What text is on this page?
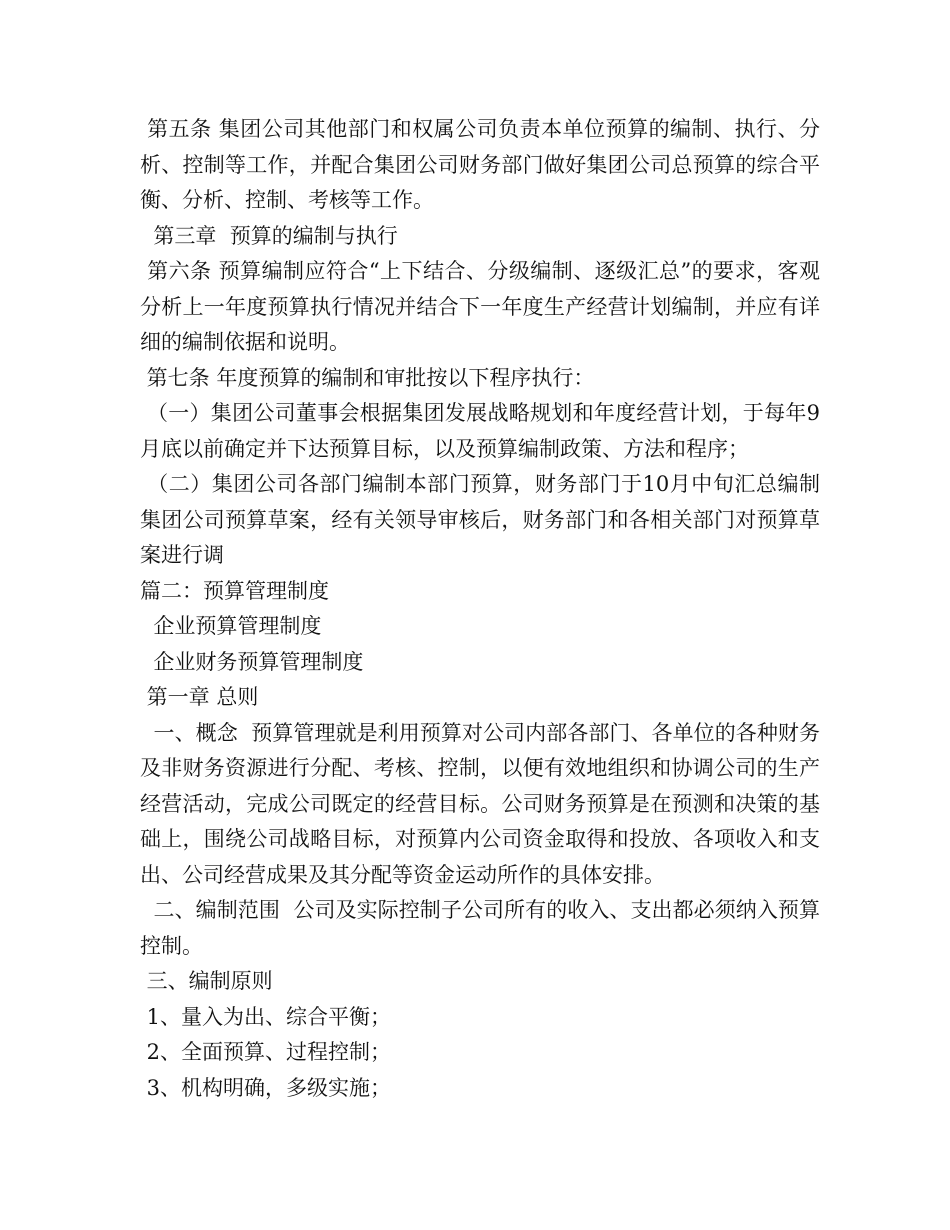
第五条 集团公司其他部门和权属公司负责本单位预算的编制、执行、分析、控制等工作，并配合集团公司财务部门做好集团公司总预算的综合平衡、分析、控制、考核等工作。

第三章  预算的编制与执行

第六条 预算编制应符合“上下结合、分级编制、逐级汇总”的要求，客观分析上一年度预算执行情况并结合下一年度生产经营计划编制，并应有详细的编制依据和说明。

第七条 年度预算的编制和审批按以下程序执行：

（一）集团公司董事会根据集团发展战略规划和年度经营计划，于每年9月底以前确定并下达预算目标，以及预算编制政策、方法和程序；

（二）集团公司各部门编制本部门预算，财务部门于10月中旬汇总编制集团公司预算草案，经有关领导审核后，财务部门和各相关部门对预算草案进行调

篇二：预算管理制度
企业预算管理制度
企业财务预算管理制度
第一章 总则

一、概念  预算管理就是利用预算对公司内部各部门、各单位的各种财务及非财务资源进行分配、考核、控制，以便有效地组织和协调公司的生产经营活动，完成公司既定的经营目标。公司财务预算是在预测和决策的基础上，围绕公司战略目标，对预算内公司资金取得和投放、各项收入和支出、公司经营成果及其分配等资金运动所作的具体安排。

二、编制范围  公司及实际控制子公司所有的收入、支出都必须纳入预算控制。

三、编制原则
1、量入为出、综合平衡；
2、全面预算、过程控制；
3、机构明确，多级实施；
